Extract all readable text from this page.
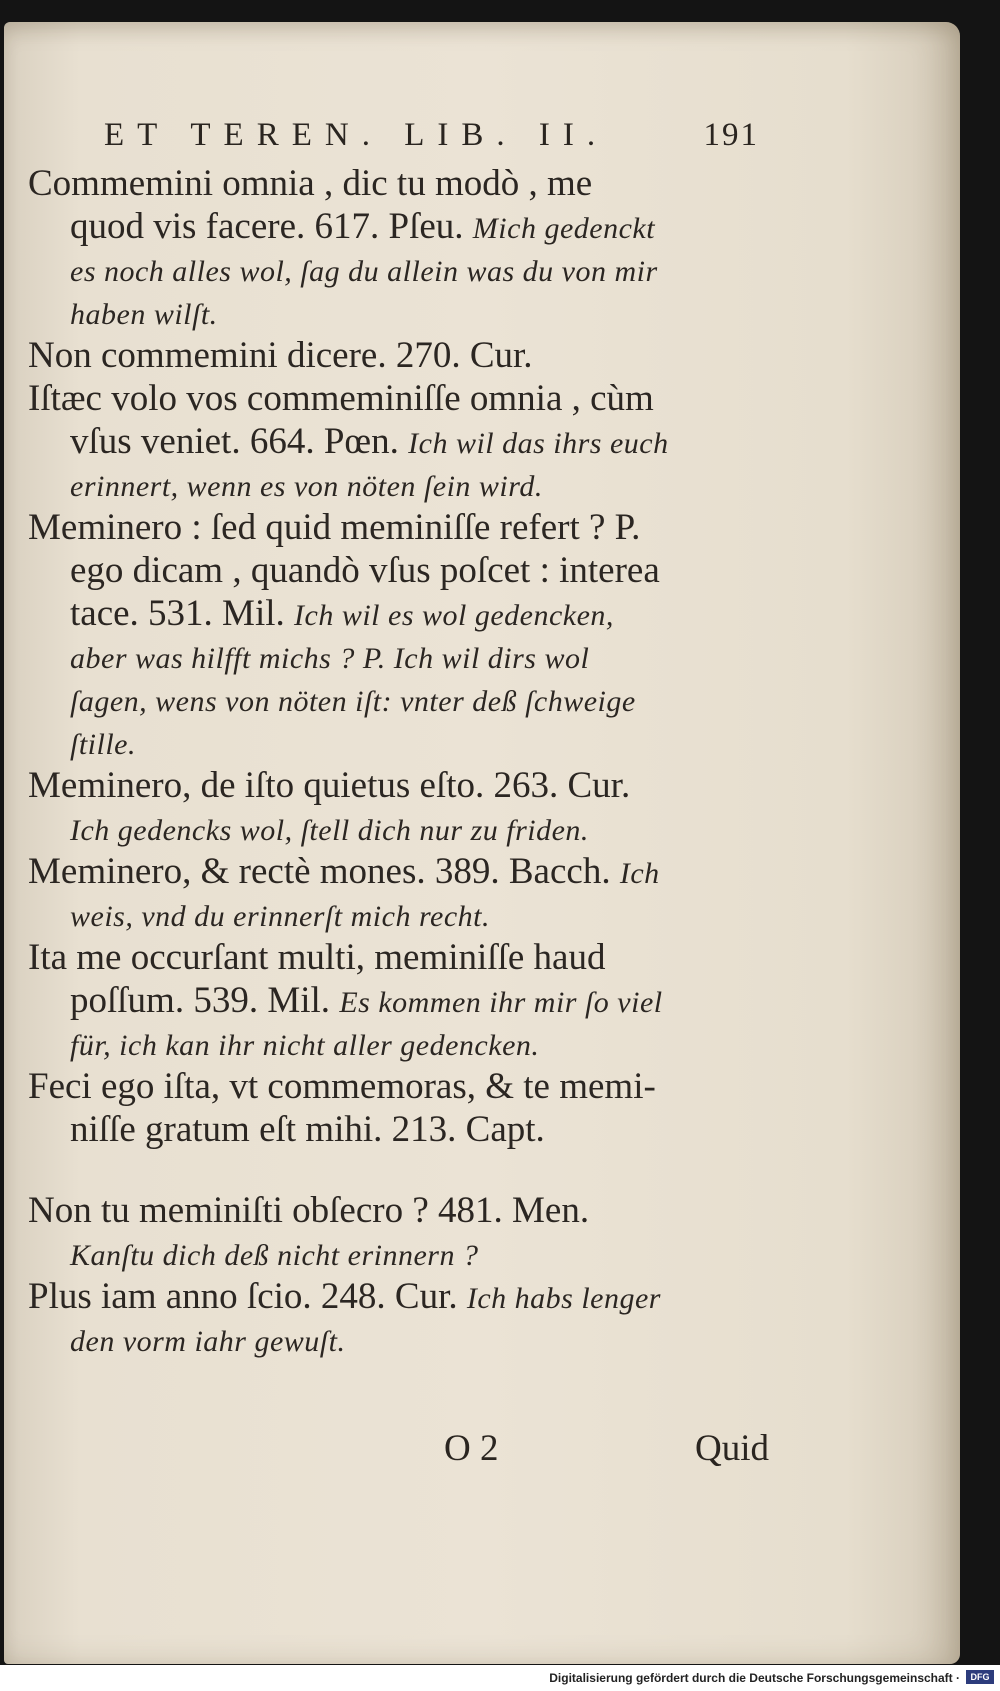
ET TEREN. LIB. II.	191
Commemini omnia , dic tu modò , me
quod vis facere. 617. Pſeu. Mich gedenckt
es noch alles wol, ſag du allein was du von mir
haben wilſt.
Non commemini dicere. 270. Cur.
Iſtæc volo vos commeminiſſe omnia , cùm
vſus veniet. 664. Pœn. Ich wil das ihrs euch
erinnert, wenn es von nöten ſein wird.
Meminero : ſed quid meminiſſe refert ? P.
ego dicam , quandò vſus poſcet : interea
tace. 531. Mil. Ich wil es wol gedencken,
aber was hilfft michs ? P. Ich wil dirs wol
ſagen, wens von nöten iſt: vnter deß ſchweige
ſtille.
Meminero, de iſto quietus eſto. 263. Cur.
Ich gedencks wol, ſtell dich nur zu friden.
Meminero, & rectè mones. 389. Bacch. Ich
weis, vnd du erinnerſt mich recht.
Ita me occurſant multi, meminiſſe haud
poſſum. 539. Mil. Es kommen ihr mir ſo viel
für, ich kan ihr nicht aller gedencken.
Feci ego iſta, vt commemoras, & te memi-
niſſe gratum eſt mihi. 213. Capt.
Non tu meminiſti obſecro ? 481. Men.
Kanſtu dich deß nicht erinnern ?
Plus iam anno ſcio. 248. Cur. Ich habs lenger
den vorm iahr gewuſt.
O 2	Quid
Digitalisierung gefördert durch die Deutsche Forschungsgemeinschaft ·	DFG
